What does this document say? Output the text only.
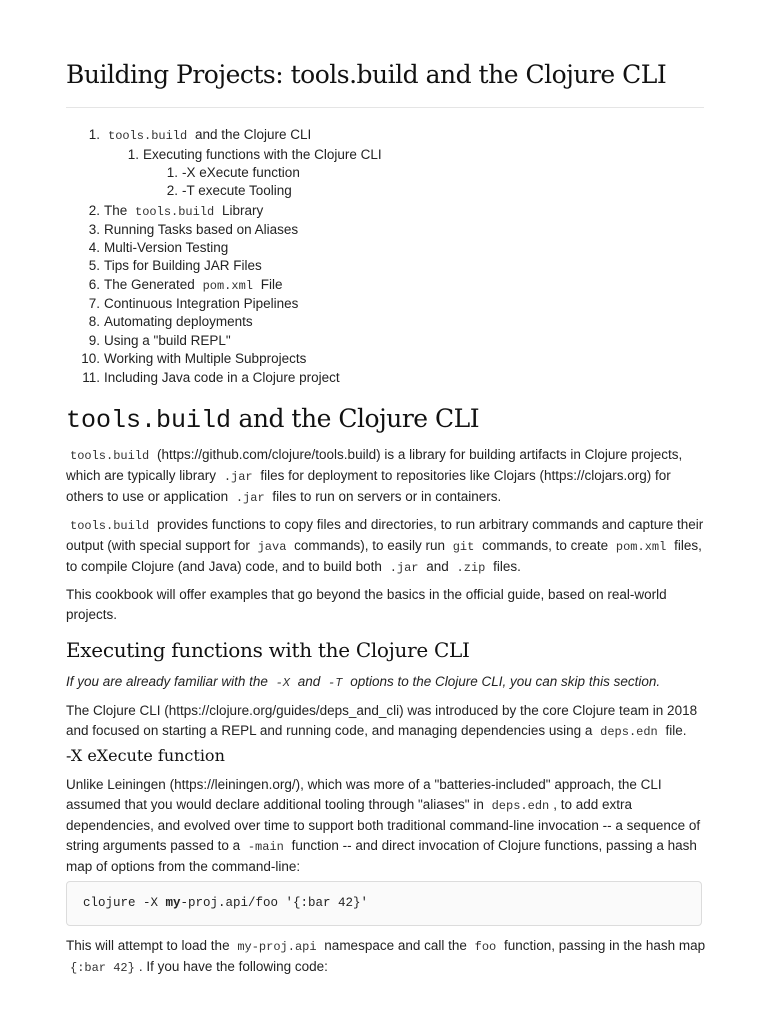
Building Projects: tools.build and the Clojure CLI
1. tools.build and the Clojure CLI
1. Executing functions with the Clojure CLI
1. -X eXecute function
2. -T execute Tooling
2. The tools.build Library
3. Running Tasks based on Aliases
4. Multi-Version Testing
5. Tips for Building JAR Files
6. The Generated pom.xml File
7. Continuous Integration Pipelines
8. Automating deployments
9. Using a "build REPL"
10. Working with Multiple Subprojects
11. Including Java code in a Clojure project
tools.build and the Clojure CLI

tools.build (https://github.com/clojure/tools.build) is a library for building artifacts in Clojure projects, which are typically library .jar files for deployment to repositories like Clojars (https://clojars.org) for others to use or application .jar files to run on servers or in containers.

tools.build provides functions to copy files and directories, to run arbitrary commands and capture their output (with special support for java commands), to easily run git commands, to create pom.xml files, to compile Clojure (and Java) code, and to build both .jar and .zip files.

This cookbook will offer examples that go beyond the basics in the official guide, based on real-world projects.

Executing functions with the Clojure CLI

If you are already familiar with the -X and -T options to the Clojure CLI, you can skip this section.

The Clojure CLI (https://clojure.org/guides/deps_and_cli) was introduced by the core Clojure team in 2018 and focused on starting a REPL and running code, and managing dependencies using a deps.edn file.

-X eXecute function

Unlike Leiningen (https://leiningen.org/), which was more of a "batteries-included" approach, the CLI assumed that you would declare additional tooling through "aliases" in deps.edn , to add extra dependencies, and evolved over time to support both traditional command-line invocation -- a sequence of string arguments passed to a -main function -- and direct invocation of Clojure functions, passing a hash map of options from the command-line:

clojure -X my-proj.api/foo '{:bar 42}'

This will attempt to load the my-proj.api namespace and call the foo function, passing in the hash map {:bar 42} . If you have the following code:
